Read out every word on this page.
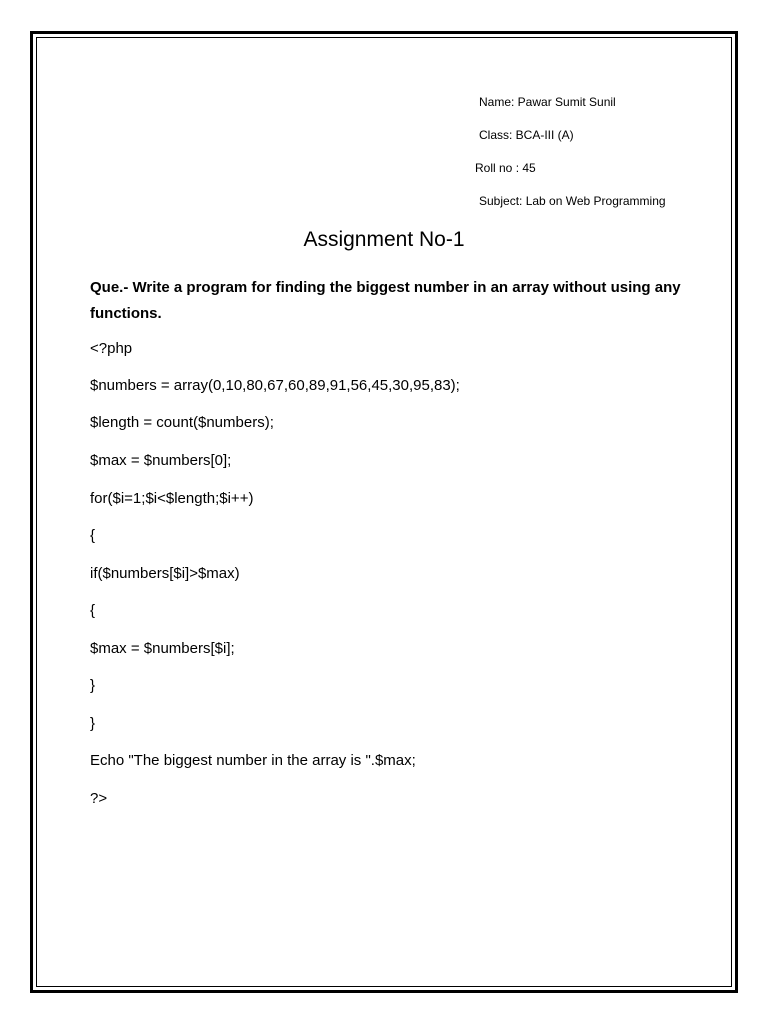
Name: Pawar Sumit Sunil
Class: BCA-III (A)
Roll no : 45
Subject: Lab on Web Programming
Assignment No-1
Que.- Write a program for finding the biggest number in an array without using any functions.
<?php
$numbers = array(0,10,80,67,60,89,91,56,45,30,95,83);
$length = count($numbers);
$max = $numbers[0];
for($i=1;$i<$length;$i++)
{
if($numbers[$i]>$max)
{
$max = $numbers[$i];
}
}
Echo "The biggest number in the array is ".$max;
?>
